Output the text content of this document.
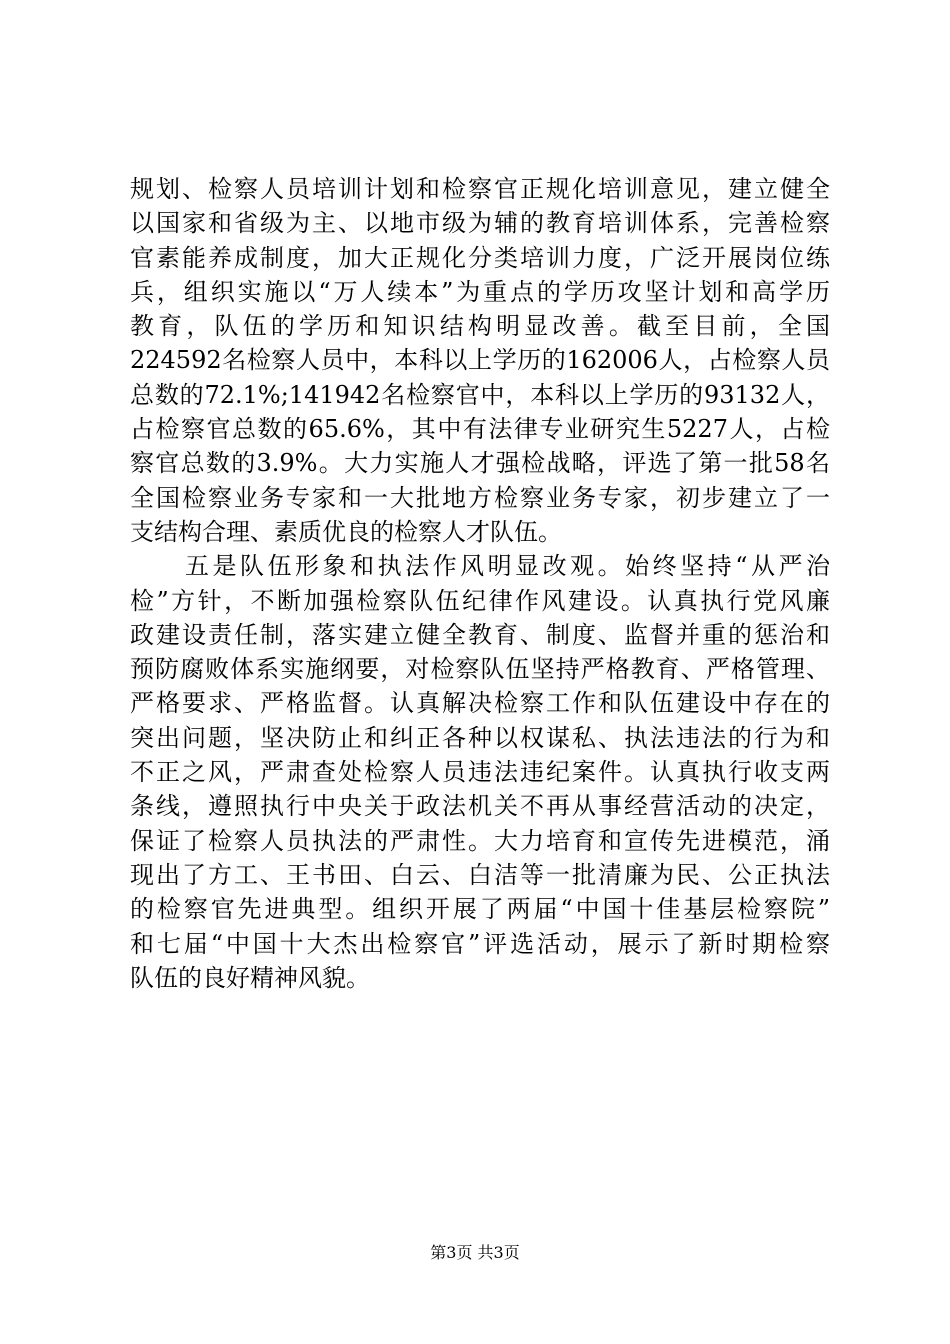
规划、检察人员培训计划和检察官正规化培训意见，建立健全
以国家和省级为主、以地市级为辅的教育培训体系，完善检察
官素能养成制度，加大正规化分类培训力度，广泛开展岗位练
兵，组织实施以“万人续本”为重点的学历攻坚计划和高学历
教育，队伍的学历和知识结构明显改善。截至目前，全国
224592名检察人员中，本科以上学历的162006人，占检察人员
总数的72.1%;141942名检察官中，本科以上学历的93132人，
占检察官总数的65.6%，其中有法律专业研究生5227人，占检
察官总数的3.9%。大力实施人才强检战略，评选了第一批58名
全国检察业务专家和一大批地方检察业务专家，初步建立了一
支结构合理、素质优良的检察人才队伍。
　　五是队伍形象和执法作风明显改观。始终坚持“从严治
检”方针，不断加强检察队伍纪律作风建设。认真执行党风廉
政建设责任制，落实建立健全教育、制度、监督并重的惩治和
预防腐败体系实施纲要，对检察队伍坚持严格教育、严格管理、
严格要求、严格监督。认真解决检察工作和队伍建设中存在的
突出问题，坚决防止和纠正各种以权谋私、执法违法的行为和
不正之风，严肃查处检察人员违法违纪案件。认真执行收支两
条线，遵照执行中央关于政法机关不再从事经营活动的决定，
保证了检察人员执法的严肃性。大力培育和宣传先进模范，涌
现出了方工、王书田、白云、白洁等一批清廉为民、公正执法
的检察官先进典型。组织开展了两届“中国十佳基层检察院”
和七届“中国十大杰出检察官”评选活动，展示了新时期检察
队伍的良好精神风貌。
第3页 共3页
